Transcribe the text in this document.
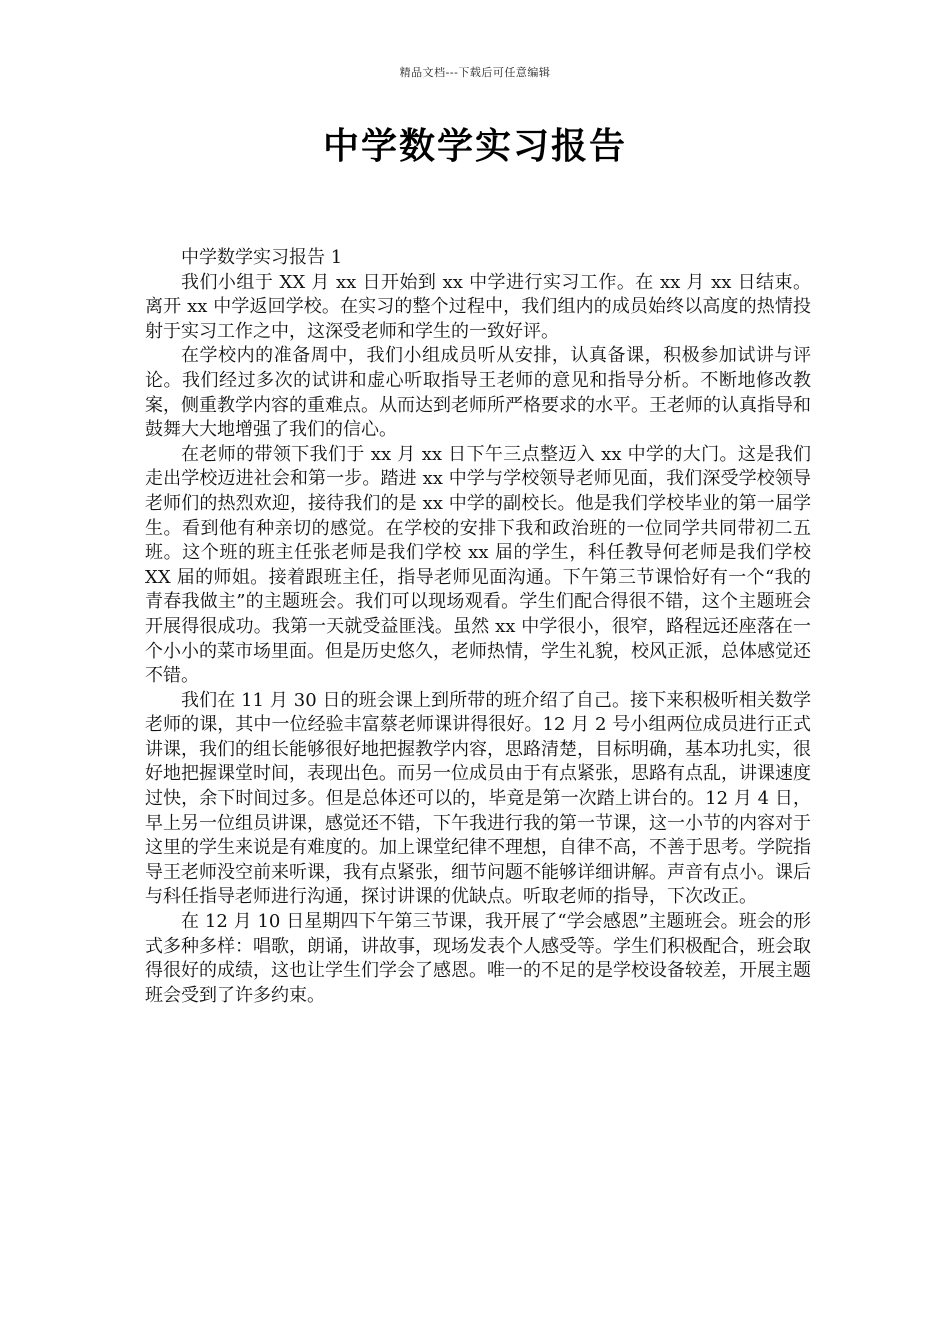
精品文档---下载后可任意编辑
中学数学实习报告

中学数学实习报告 1

我们小组于 XX 月 xx 日开始到 xx 中学进行实习工作。在 xx 月 xx 日结束。离开 xx 中学返回学校。在实习的整个过程中，我们组内的成员始终以高度的热情投射于实习工作之中，这深受老师和学生的一致好评。

在学校内的准备周中，我们小组成员听从安排，认真备课，积极参加试讲与评论。我们经过多次的试讲和虚心听取指导王老师的意见和指导分析。不断地修改教案，侧重教学内容的重难点。从而达到老师所严格要求的水平。王老师的认真指导和鼓舞大大地增强了我们的信心。

在老师的带领下我们于 xx 月 xx 日下午三点整迈入 xx 中学的大门。这是我们走出学校迈进社会和第一步。踏进 xx 中学与学校领导老师见面，我们深受学校领导老师们的热烈欢迎，接待我们的是 xx 中学的副校长。他是我们学校毕业的第一届学生。看到他有种亲切的感觉。在学校的安排下我和政治班的一位同学共同带初二五班。这个班的班主任张老师是我们学校 xx 届的学生，科任教导何老师是我们学校 XX 届的师姐。接着跟班主任，指导老师见面沟通。下午第三节课恰好有一个“我的青春我做主”的主题班会。我们可以现场观看。学生们配合得很不错，这个主题班会开展得很成功。我第一天就受益匪浅。虽然 xx 中学很小，很窄，路程远还座落在一个小小的菜市场里面。但是历史悠久，老师热情，学生礼貌，校风正派，总体感觉还不错。

我们在 11 月 30 日的班会课上到所带的班介绍了自己。接下来积极听相关数学老师的课，其中一位经验丰富蔡老师课讲得很好。12 月 2 号小组两位成员进行正式讲课，我们的组长能够很好地把握教学内容，思路清楚，目标明确，基本功扎实，很好地把握课堂时间，表现出色。而另一位成员由于有点紧张，思路有点乱，讲课速度过快，余下时间过多。但是总体还可以的，毕竟是第一次踏上讲台的。12 月 4 日，早上另一位组员讲课，感觉还不错，下午我进行我的第一节课，这一小节的内容对于这里的学生来说是有难度的。加上课堂纪律不理想，自律不高，不善于思考。学院指导王老师没空前来听课，我有点紧张，细节问题不能够详细讲解。声音有点小。课后与科任指导老师进行沟通，探讨讲课的优缺点。听取老师的指导，下次改正。

在 12 月 10 日星期四下午第三节课，我开展了“学会感恩”主题班会。班会的形式多种多样：唱歌，朗诵，讲故事，现场发表个人感受等。学生们积极配合，班会取得很好的成绩，这也让学生们学会了感恩。唯一的不足的是学校设备较差，开展主题班会受到了许多约束。
